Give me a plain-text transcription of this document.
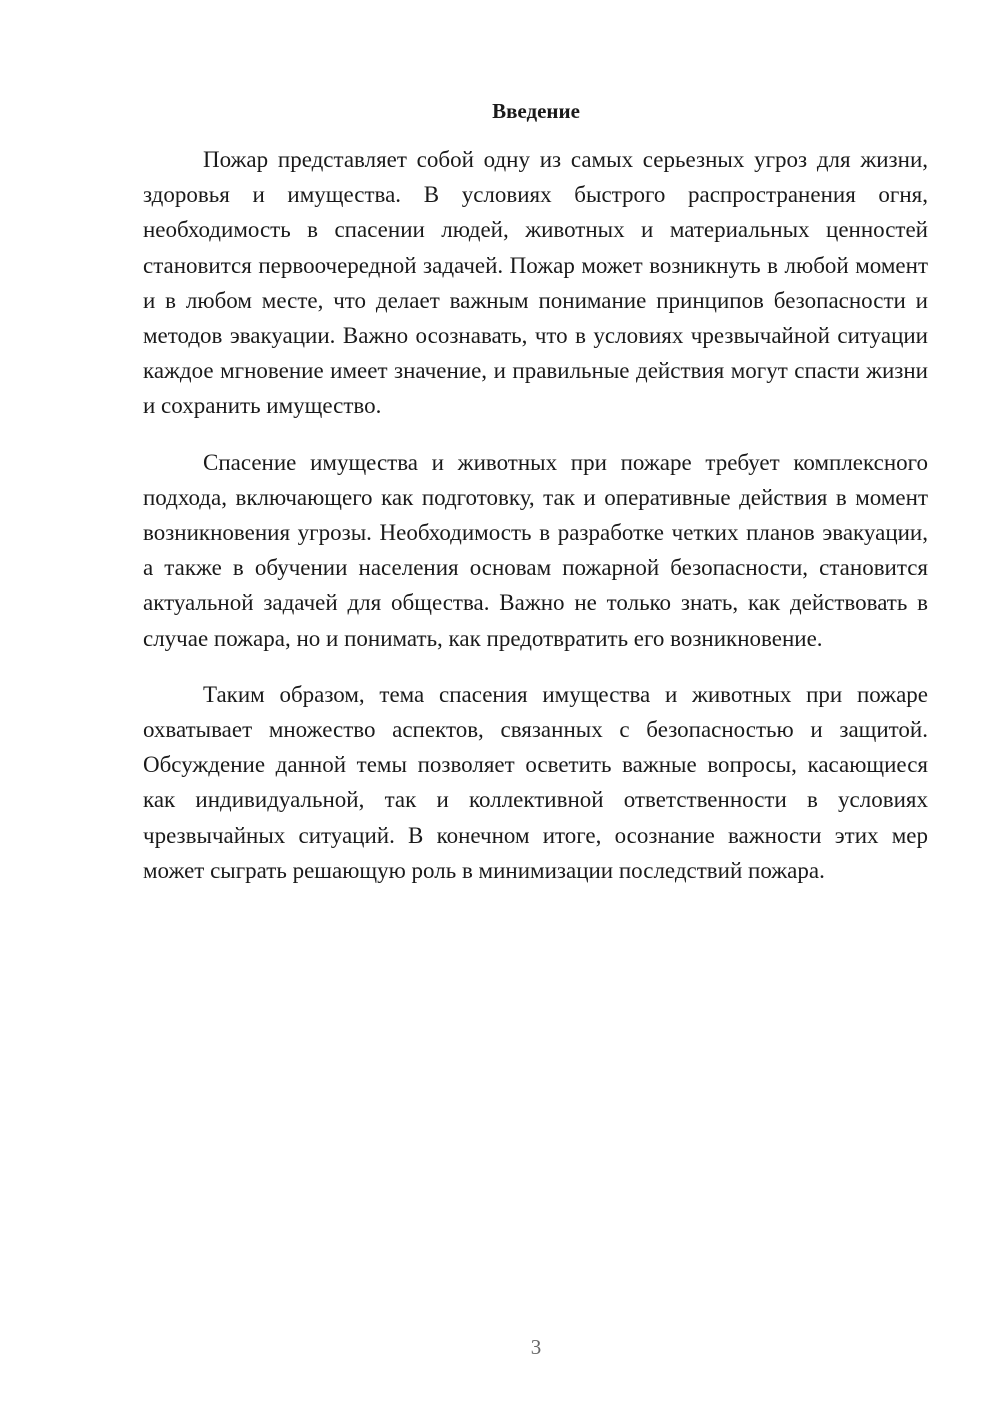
Введение

Пожар представляет собой одну из самых серьезных угроз для жизни, здоровья и имущества. В условиях быстрого распространения огня, необходимость в спасении людей, животных и материальных ценностей становится первоочередной задачей. Пожар может возникнуть в любой момент и в любом месте, что делает важным понимание принципов безопасности и методов эвакуации. Важно осознавать, что в условиях чрезвычайной ситуации каждое мгновение имеет значение, и правильные действия могут спасти жизни и сохранить имущество.

Спасение имущества и животных при пожаре требует комплексного подхода, включающего как подготовку, так и оперативные действия в момент возникновения угрозы. Необходимость в разработке четких планов эвакуации, а также в обучении населения основам пожарной безопасности, становится актуальной задачей для общества. Важно не только знать, как действовать в случае пожара, но и понимать, как предотвратить его возникновение.

Таким образом, тема спасения имущества и животных при пожаре охватывает множество аспектов, связанных с безопасностью и защитой. Обсуждение данной темы позволяет осветить важные вопросы, касающиеся как индивидуальной, так и коллективной ответственности в условиях чрезвычайных ситуаций. В конечном итоге, осознание важности этих мер может сыграть решающую роль в минимизации последствий пожара.

3
